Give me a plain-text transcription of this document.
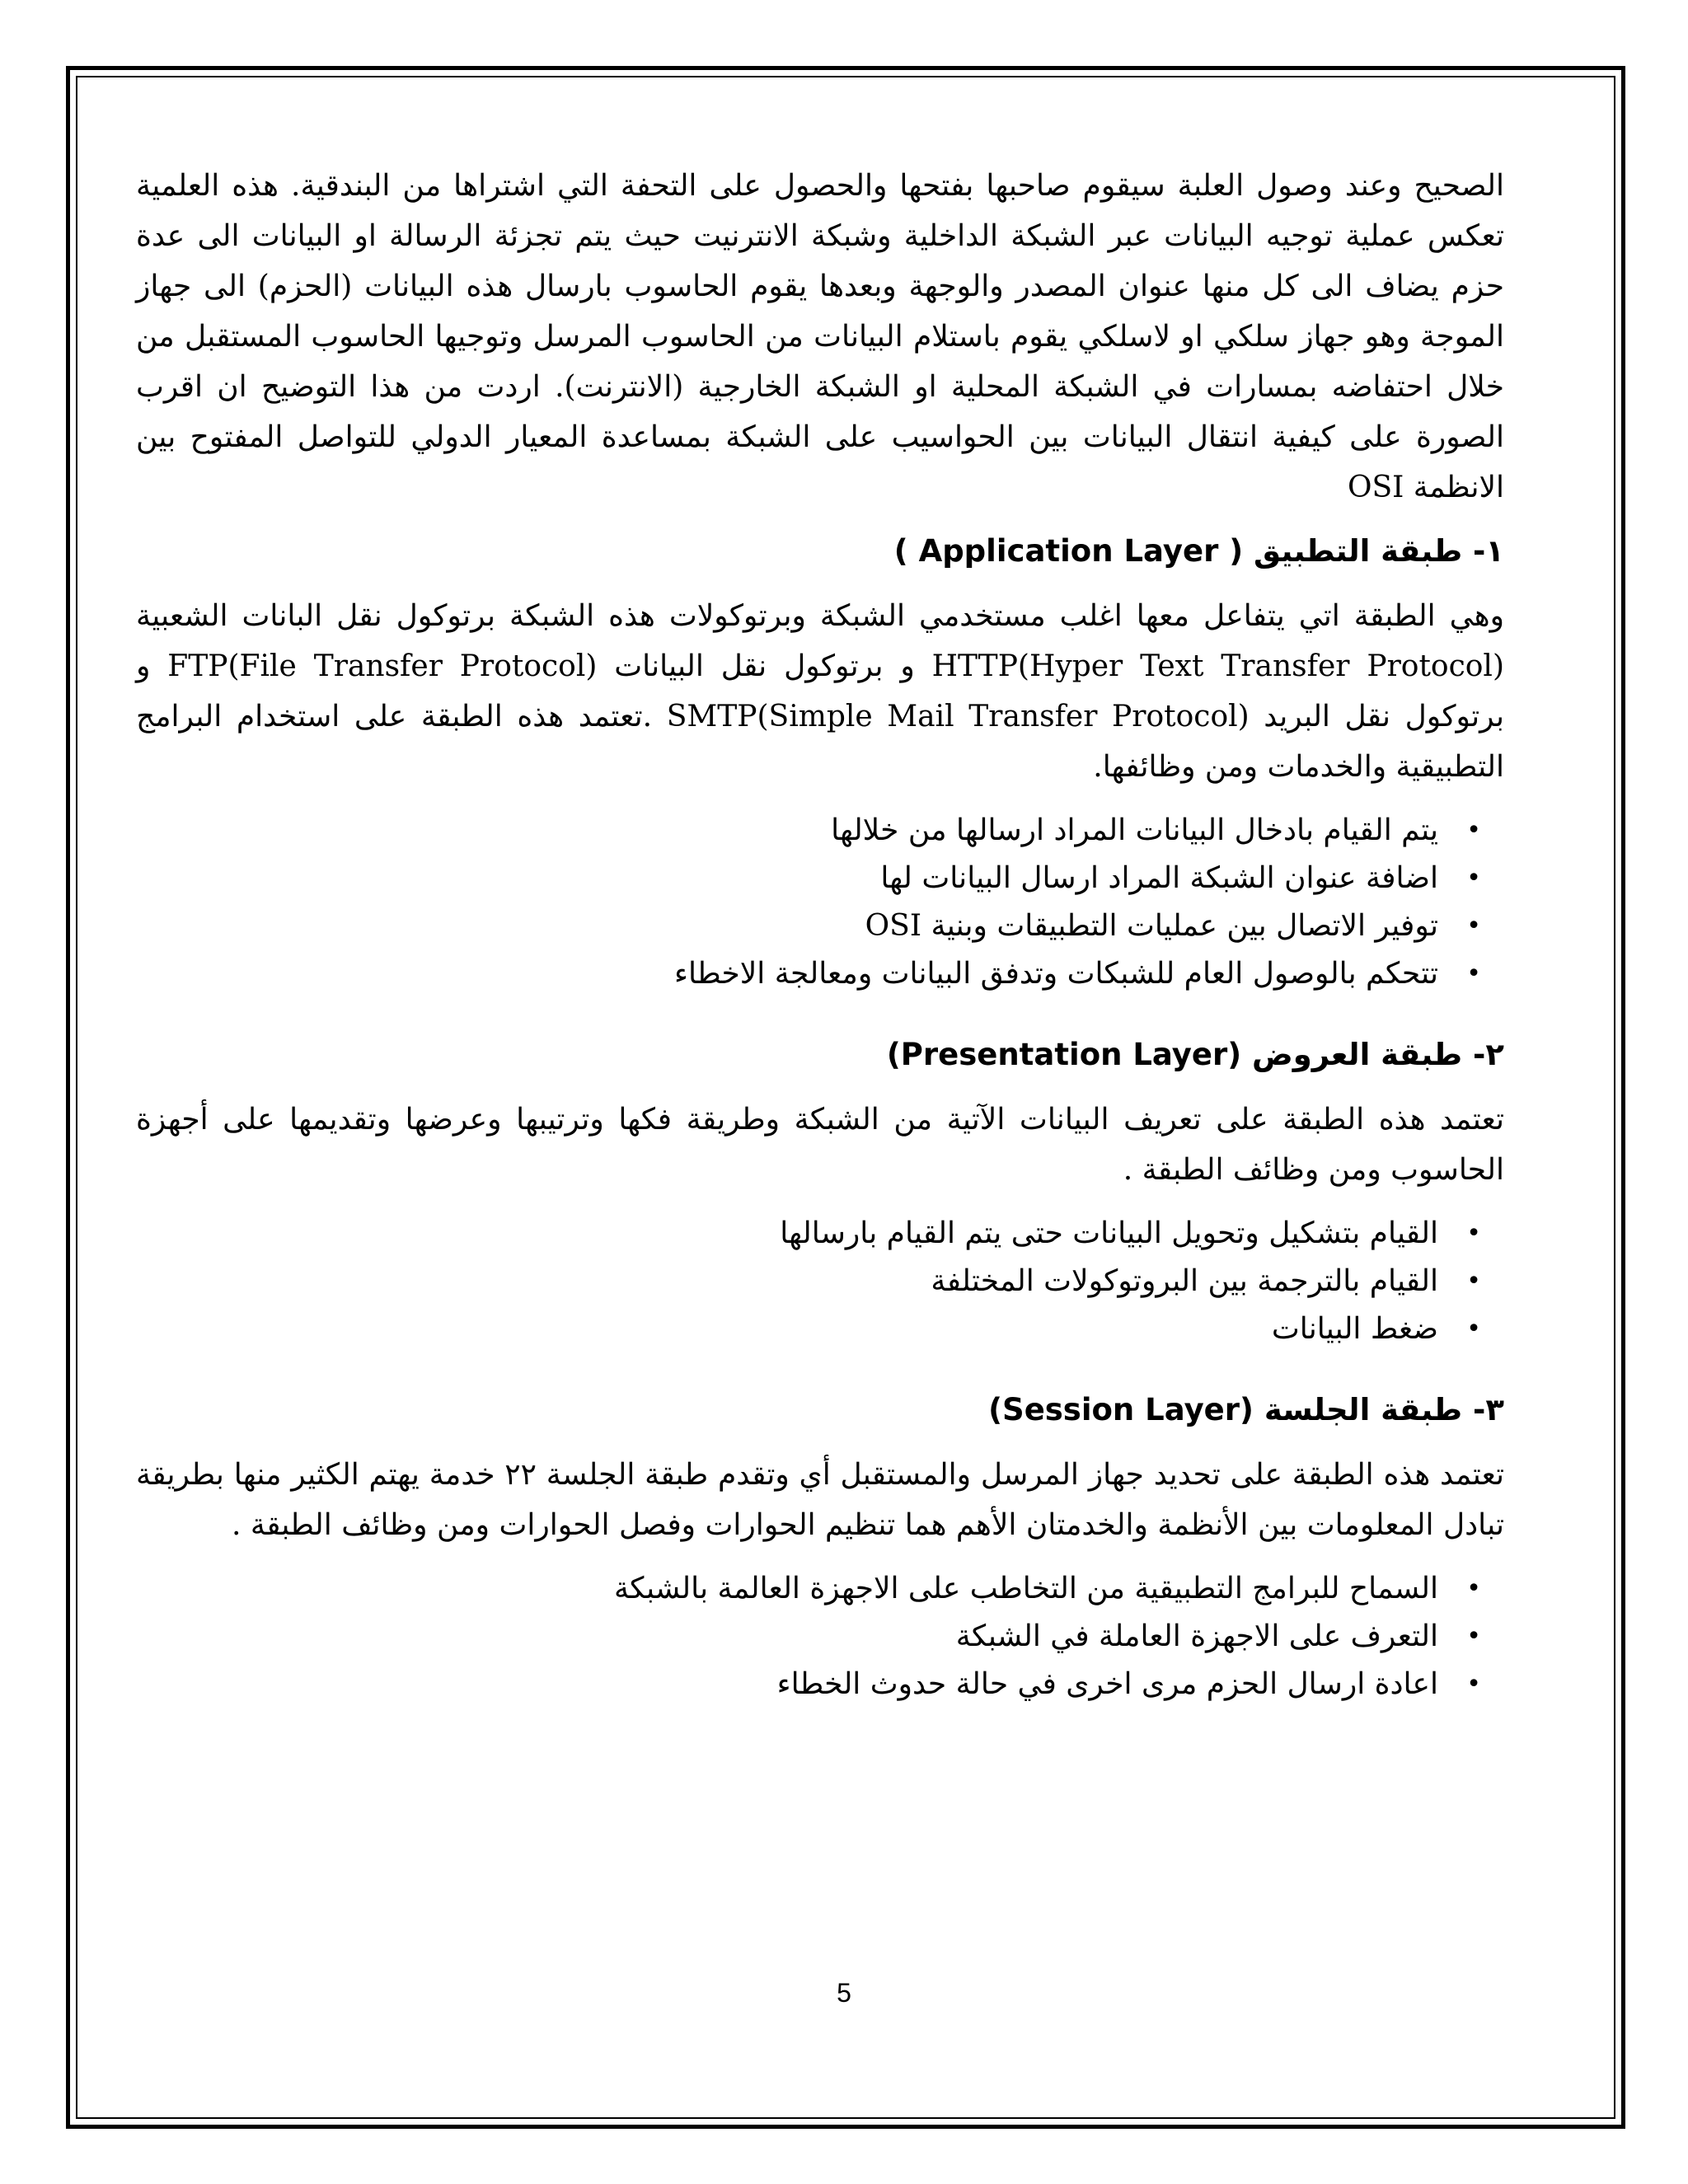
الصحيح وعند وصول العلبة سيقوم صاحبها بفتحها والحصول على التحفة التي اشتراها من البندقية. هذه العلمية تعكس عملية توجيه البيانات عبر الشبكة الداخلية وشبكة الانترنيت حيث يتم تجزئة الرسالة او البيانات الى عدة حزم يضاف الى كل منها عنوان المصدر والوجهة وبعدها يقوم الحاسوب بارسال هذه البيانات (الحزم) الى جهاز الموجة وهو جهاز سلكي او لاسلكي يقوم باستلام البيانات من الحاسوب المرسل وتوجيها الحاسوب المستقبل من خلال احتفاضه بمسارات في الشبكة المحلية او الشبكة الخارجية (الانترنت). اردت من هذا التوضيح ان اقرب الصورة على كيفية انتقال البيانات بين الحواسيب على الشبكة بمساعدة المعيار الدولي للتواصل المفتوح بين الانظمة OSI

١- طبقة التطبيق ( Application Layer )

وهي الطبقة اتي يتفاعل معها اغلب مستخدمي الشبكة وبرتوكولات هذه الشبكة برتوكول نقل البانات الشعبية (Hyper Text Transfer Protocol)HTTP و برتوكول نقل البيانات (File Transfer Protocol)FTP و برتوكول نقل البريد (Simple Mail Transfer Protocol)SMTP .تعتمد هذه الطبقة على استخدام البرامج التطبيقية والخدمات ومن وظائفها.

• يتم القيام بادخال البيانات المراد ارسالها من خلالها
• اضافة عنوان الشبكة المراد ارسال البيانات لها
• توفير الاتصال بين عمليات التطبيقات وبنية OSI
• تتحكم بالوصول العام للشبكات وتدفق البيانات ومعالجة الاخطاء
٢- طبقة العروض (Presentation Layer)

تعتمد هذه الطبقة على تعريف البيانات الآتية من الشبكة وطريقة فكها وترتيبها وعرضها وتقديمها على أجهزة الحاسوب ومن وظائف الطبقة .

• القيام بتشكيل وتحويل البيانات حتى يتم القيام بارسالها
• القيام بالترجمة بين البروتوكولات المختلفة
• ضغط البيانات
٣- طبقة الجلسة (Session Layer)

تعتمد هذه الطبقة على تحديد جهاز المرسل والمستقبل أي وتقدم طبقة الجلسة ٢٢ خدمة يهتم الكثير منها بطريقة تبادل المعلومات بين الأنظمة والخدمتان الأهم هما تنظيم الحوارات وفصل الحوارات ومن وظائف الطبقة .

• السماح للبرامج التطبيقية من التخاطب على الاجهزة العالمة بالشبكة
• التعرف على الاجهزة العاملة في الشبكة
• اعادة ارسال الحزم مرى اخرى في حالة حدوث الخطاء
5
